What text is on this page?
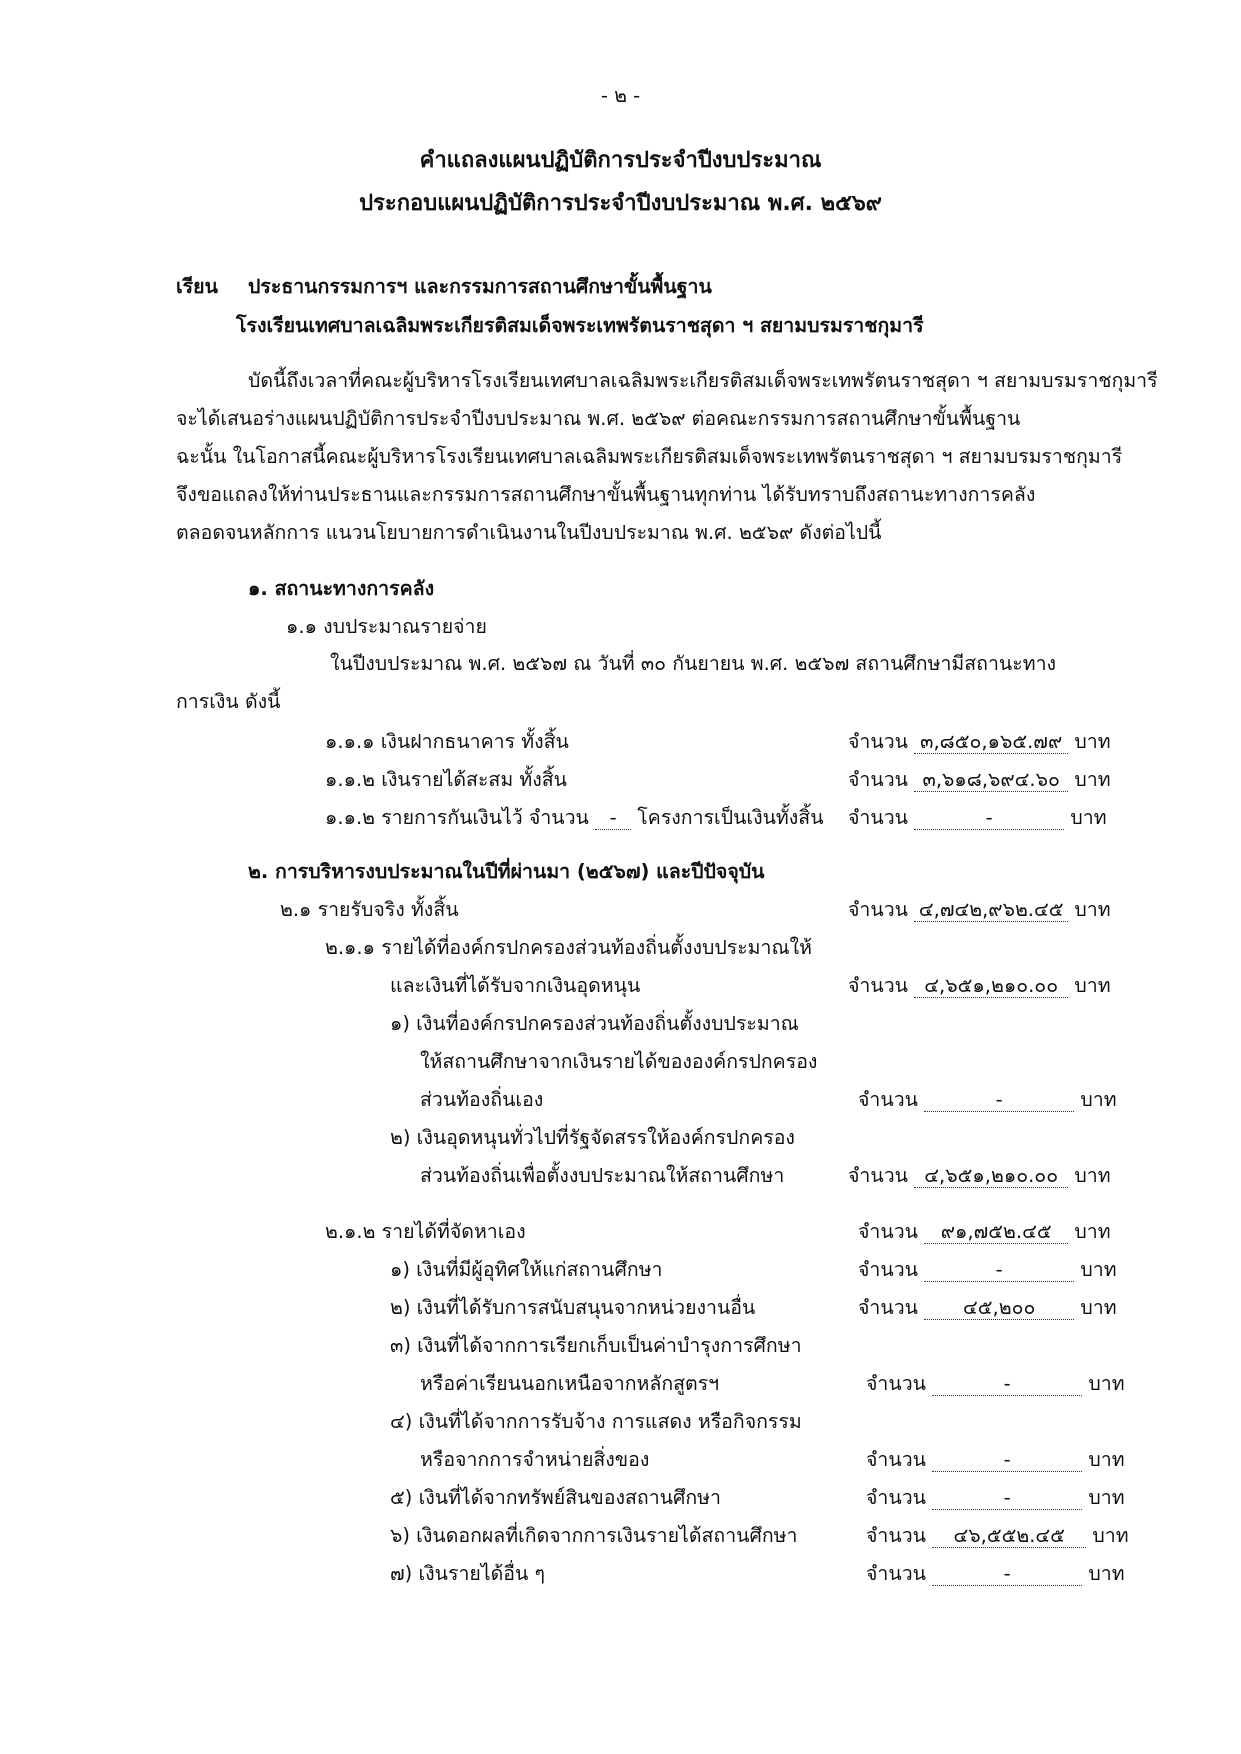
- ๒ -
คำแถลงแผนปฏิบัติการประจำปีงบประมาณ
ประกอบแผนปฏิบัติการประจำปีงบประมาณ พ.ศ. ๒๕๖๙
เรียน ประธานกรรมการฯ และกรรมการสถานศึกษาขั้นพื้นฐาน
โรงเรียนเทศบาลเฉลิมพระเกียรติสมเด็จพระเทพรัตนราชสุดา ฯ สยามบรมราชกุมารี
บัดนี้ถึงเวลาที่คณะผู้บริหารโรงเรียนเทศบาลเฉลิมพระเกียรติสมเด็จพระเทพรัตนราชสุดา ฯ สยามบรมราชกุมารี
จะได้เสนอร่างแผนปฏิบัติการประจำปีงบประมาณ พ.ศ. ๒๕๖๙ ต่อคณะกรรมการสถานศึกษาขั้นพื้นฐาน
ฉะนั้น ในโอกาสนี้คณะผู้บริหารโรงเรียนเทศบาลเฉลิมพระเกียรติสมเด็จพระเทพรัตนราชสุดา ฯ สยามบรมราชกุมารี
จึงขอแถลงให้ท่านประธานและกรรมการสถานศึกษาขั้นพื้นฐานทุกท่าน ได้รับทราบถึงสถานะทางการคลัง
ตลอดจนหลักการ แนวนโยบายการดำเนินงานในปีงบประมาณ พ.ศ. ๒๕๖๙ ดังต่อไปนี้
๑. สถานะทางการคลัง
๑.๑ งบประมาณรายจ่าย
ในปีงบประมาณ พ.ศ. ๒๕๖๗ ณ วันที่ ๓๐ กันยายน พ.ศ. ๒๕๖๗ สถานศึกษามีสถานะทาง
การเงิน ดังนี้
๑.๑.๑ เงินฝากธนาคาร ทั้งสิ้น	จำนวน ๓,๘๕๐,๑๖๕.๗๙ บาท
๑.๑.๒ เงินรายได้สะสม ทั้งสิ้น	จำนวน ๓,๖๑๘,๖๙๔.๖๐ บาท
๑.๑.๒ รายการกันเงินไว้ จำนวน - โครงการเป็นเงินทั้งสิ้น จำนวน	-	บาท
๒. การบริหารงบประมาณในปีที่ผ่านมา (๒๕๖๗) และปีปัจจุบัน
๒.๑ รายรับจริง ทั้งสิ้น	จำนวน ๔,๗๔๒,๙๖๒.๔๕ บาท
๒.๑.๑ รายได้ที่องค์กรปกครองส่วนท้องถิ่นตั้งงบประมาณให้
และเงินที่ได้รับจากเงินอุดหนุน	จำนวน ๔,๖๕๑,๒๑๐.๐๐ บาท
๑) เงินที่องค์กรปกครองส่วนท้องถิ่นตั้งงบประมาณ
ให้สถานศึกษาจากเงินรายได้ขององค์กรปกครอง
ส่วนท้องถิ่นเอง	จำนวน	-	บาท
๒) เงินอุดหนุนทั่วไปที่รัฐจัดสรรให้องค์กรปกครอง
ส่วนท้องถิ่นเพื่อตั้งงบประมาณให้สถานศึกษา	จำนวน ๔,๖๕๑,๒๑๐.๐๐ บาท
๒.๑.๒ รายได้ที่จัดหาเอง	จำนวน ๙๑,๗๕๒.๔๕ บาท
๑) เงินที่มีผู้อุทิศให้แก่สถานศึกษา	จำนวน	-	บาท
๒) เงินที่ได้รับการสนับสนุนจากหน่วยงานอื่น	จำนวน ๔๕,๒๐๐ บาท
๓) เงินที่ได้จากการเรียกเก็บเป็นค่าบำรุงการศึกษา
หรือค่าเรียนนอกเหนือจากหลักสูตรฯ	จำนวน	-	บาท
๔) เงินที่ได้จากการรับจ้าง การแสดง หรือกิจกรรม
หรือจากการจำหน่ายสิ่งของ	จำนวน	-	บาท
๕) เงินที่ได้จากทรัพย์สินของสถานศึกษา	จำนวน	-	บาท
๖) เงินดอกผลที่เกิดจากการเงินรายได้สถานศึกษา	จำนวน ๔๖,๕๕๒.๔๕ บาท
๗) เงินรายได้อื่น ๆ	จำนวน	-	บาท
